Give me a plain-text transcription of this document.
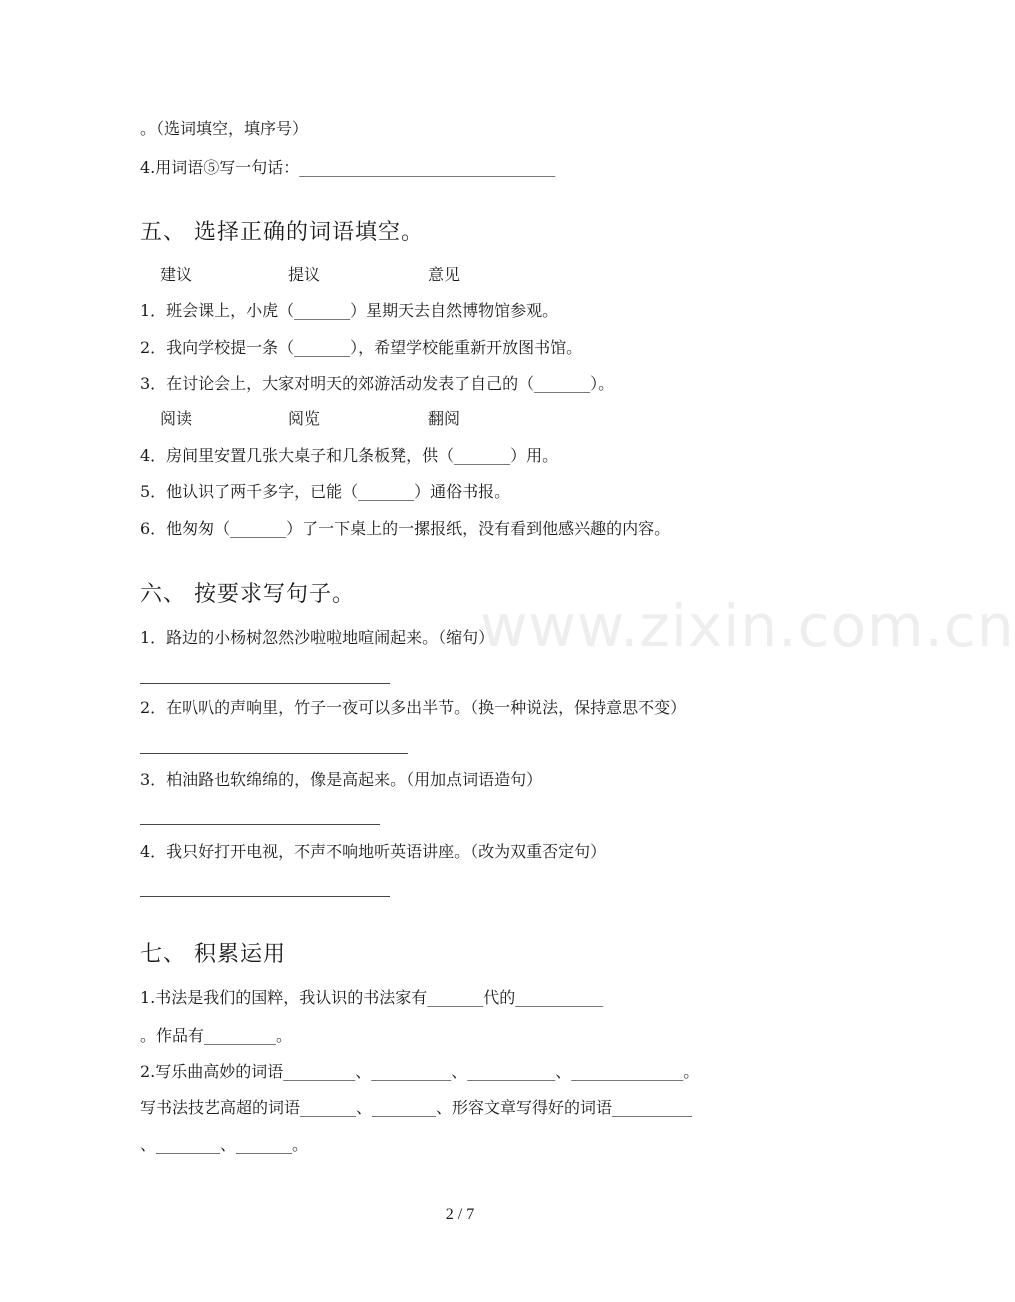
www.zixin.com.cn
。（选词填空，填序号）
4.用词语⑤写一句话：________________________________
五、 选择正确的词语填空。
建议	提议	意见
1．班会课上，小虎（_______）星期天去自然博物馆参观。
2．我向学校提一条（_______），希望学校能重新开放图书馆。
3．在讨论会上，大家对明天的郊游活动发表了自己的（_______）。
阅读	阅览	翻阅
4．房间里安置几张大桌子和几条板凳，供（_______）用。
5．他认识了两千多字，已能（_______）通俗书报。
6．他匆匆（_______）了一下桌上的一摞报纸，没有看到他感兴趣的内容。
六、 按要求写句子。
1．路边的小杨树忽然沙啦啦地喧闹起来。（缩句）
2．在叭叭的声响里，竹子一夜可以多出半节。（换一种说法，保持意思不变）
3．柏油路也软绵绵的，像是高起来。（用加点词语造句）
4．我只好打开电视，不声不响地听英语讲座。（改为双重否定句）
七、 积累运用
1.书法是我们的国粹，我认识的书法家有_______代的___________
。作品有_________。
2.写乐曲高妙的词语_________、__________、___________、______________。
写书法技艺高超的词语_______、________、形容文章写得好的词语__________
、________、_______。
2 / 7
